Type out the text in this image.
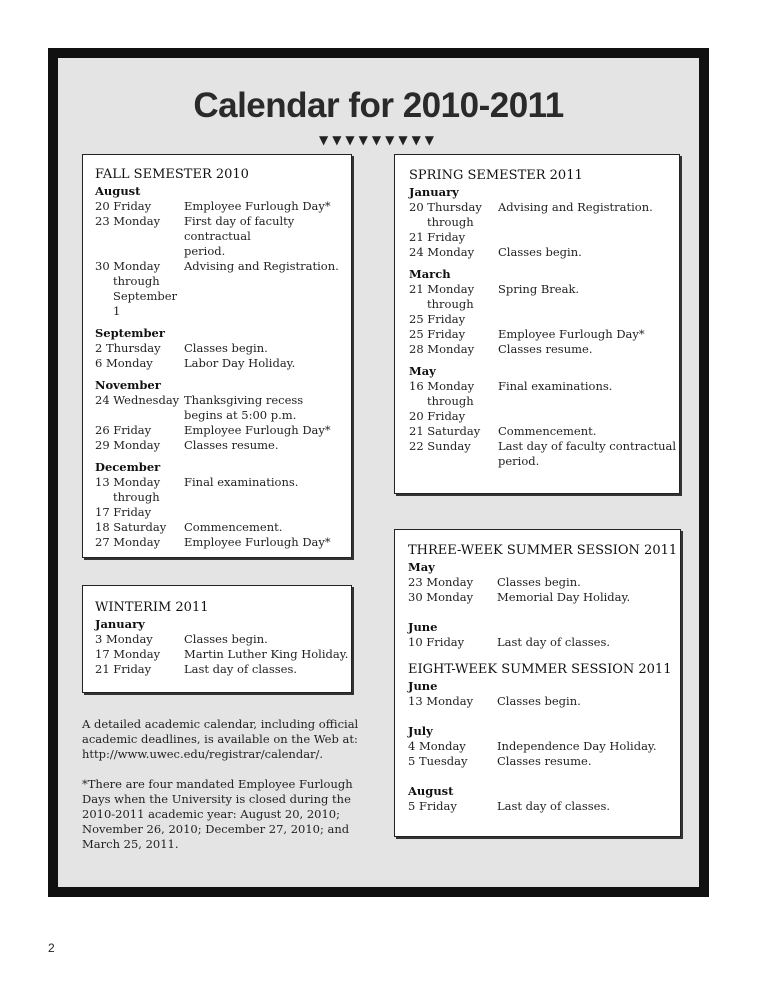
Calendar for 2010-2011
▼▼▼▼▼▼▼▼▼
FALL SEMESTER 2010
August
20 Friday	Employee Furlough Day*
23 Monday	First day of faculty contractual
period.
30 Monday	Advising and Registration.
through
September 1
September
2 Thursday	Classes begin.
6 Monday	Labor Day Holiday.
November
24 Wednesday Thanksgiving recess
begins at 5:00 p.m.
26 Friday	Employee Furlough Day*
29 Monday	Classes resume.
December
13 Monday	Final examinations.
through
17 Friday
18 Saturday	Commencement.
27 Monday	Employee Furlough Day*
WINTERIM 2011
January
3 Monday	Classes begin.
17 Monday	Martin Luther King Holiday.
21 Friday	Last day of classes.
A detailed academic calendar, including official academic deadlines, is available on the Web at: http://www.uwec.edu/registrar/calendar/.
*There are four mandated Employee Furlough Days when the University is closed during the 2010-2011 academic year: August 20, 2010; November 26, 2010; December 27, 2010; and March 25, 2011.
SPRING SEMESTER 2011
January
20 Thursday	Advising and Registration.
through
21 Friday
24 Monday	Classes begin.
March
21 Monday	Spring Break.
through
25 Friday
25 Friday	Employee Furlough Day*
28 Monday	Classes resume.
May
16 Monday	Final examinations.
through
20 Friday
21 Saturday	Commencement.
22 Sunday	Last day of faculty contractual
period.
THREE-WEEK SUMMER SESSION 2011
May
23 Monday	Classes begin.
30 Monday	Memorial Day Holiday.
June
10 Friday	Last day of classes.
EIGHT-WEEK SUMMER SESSION 2011
June
13 Monday	Classes begin.
July
4 Monday	Independence Day Holiday.
5 Tuesday	Classes resume.
August
5 Friday	Last day of classes.
2
